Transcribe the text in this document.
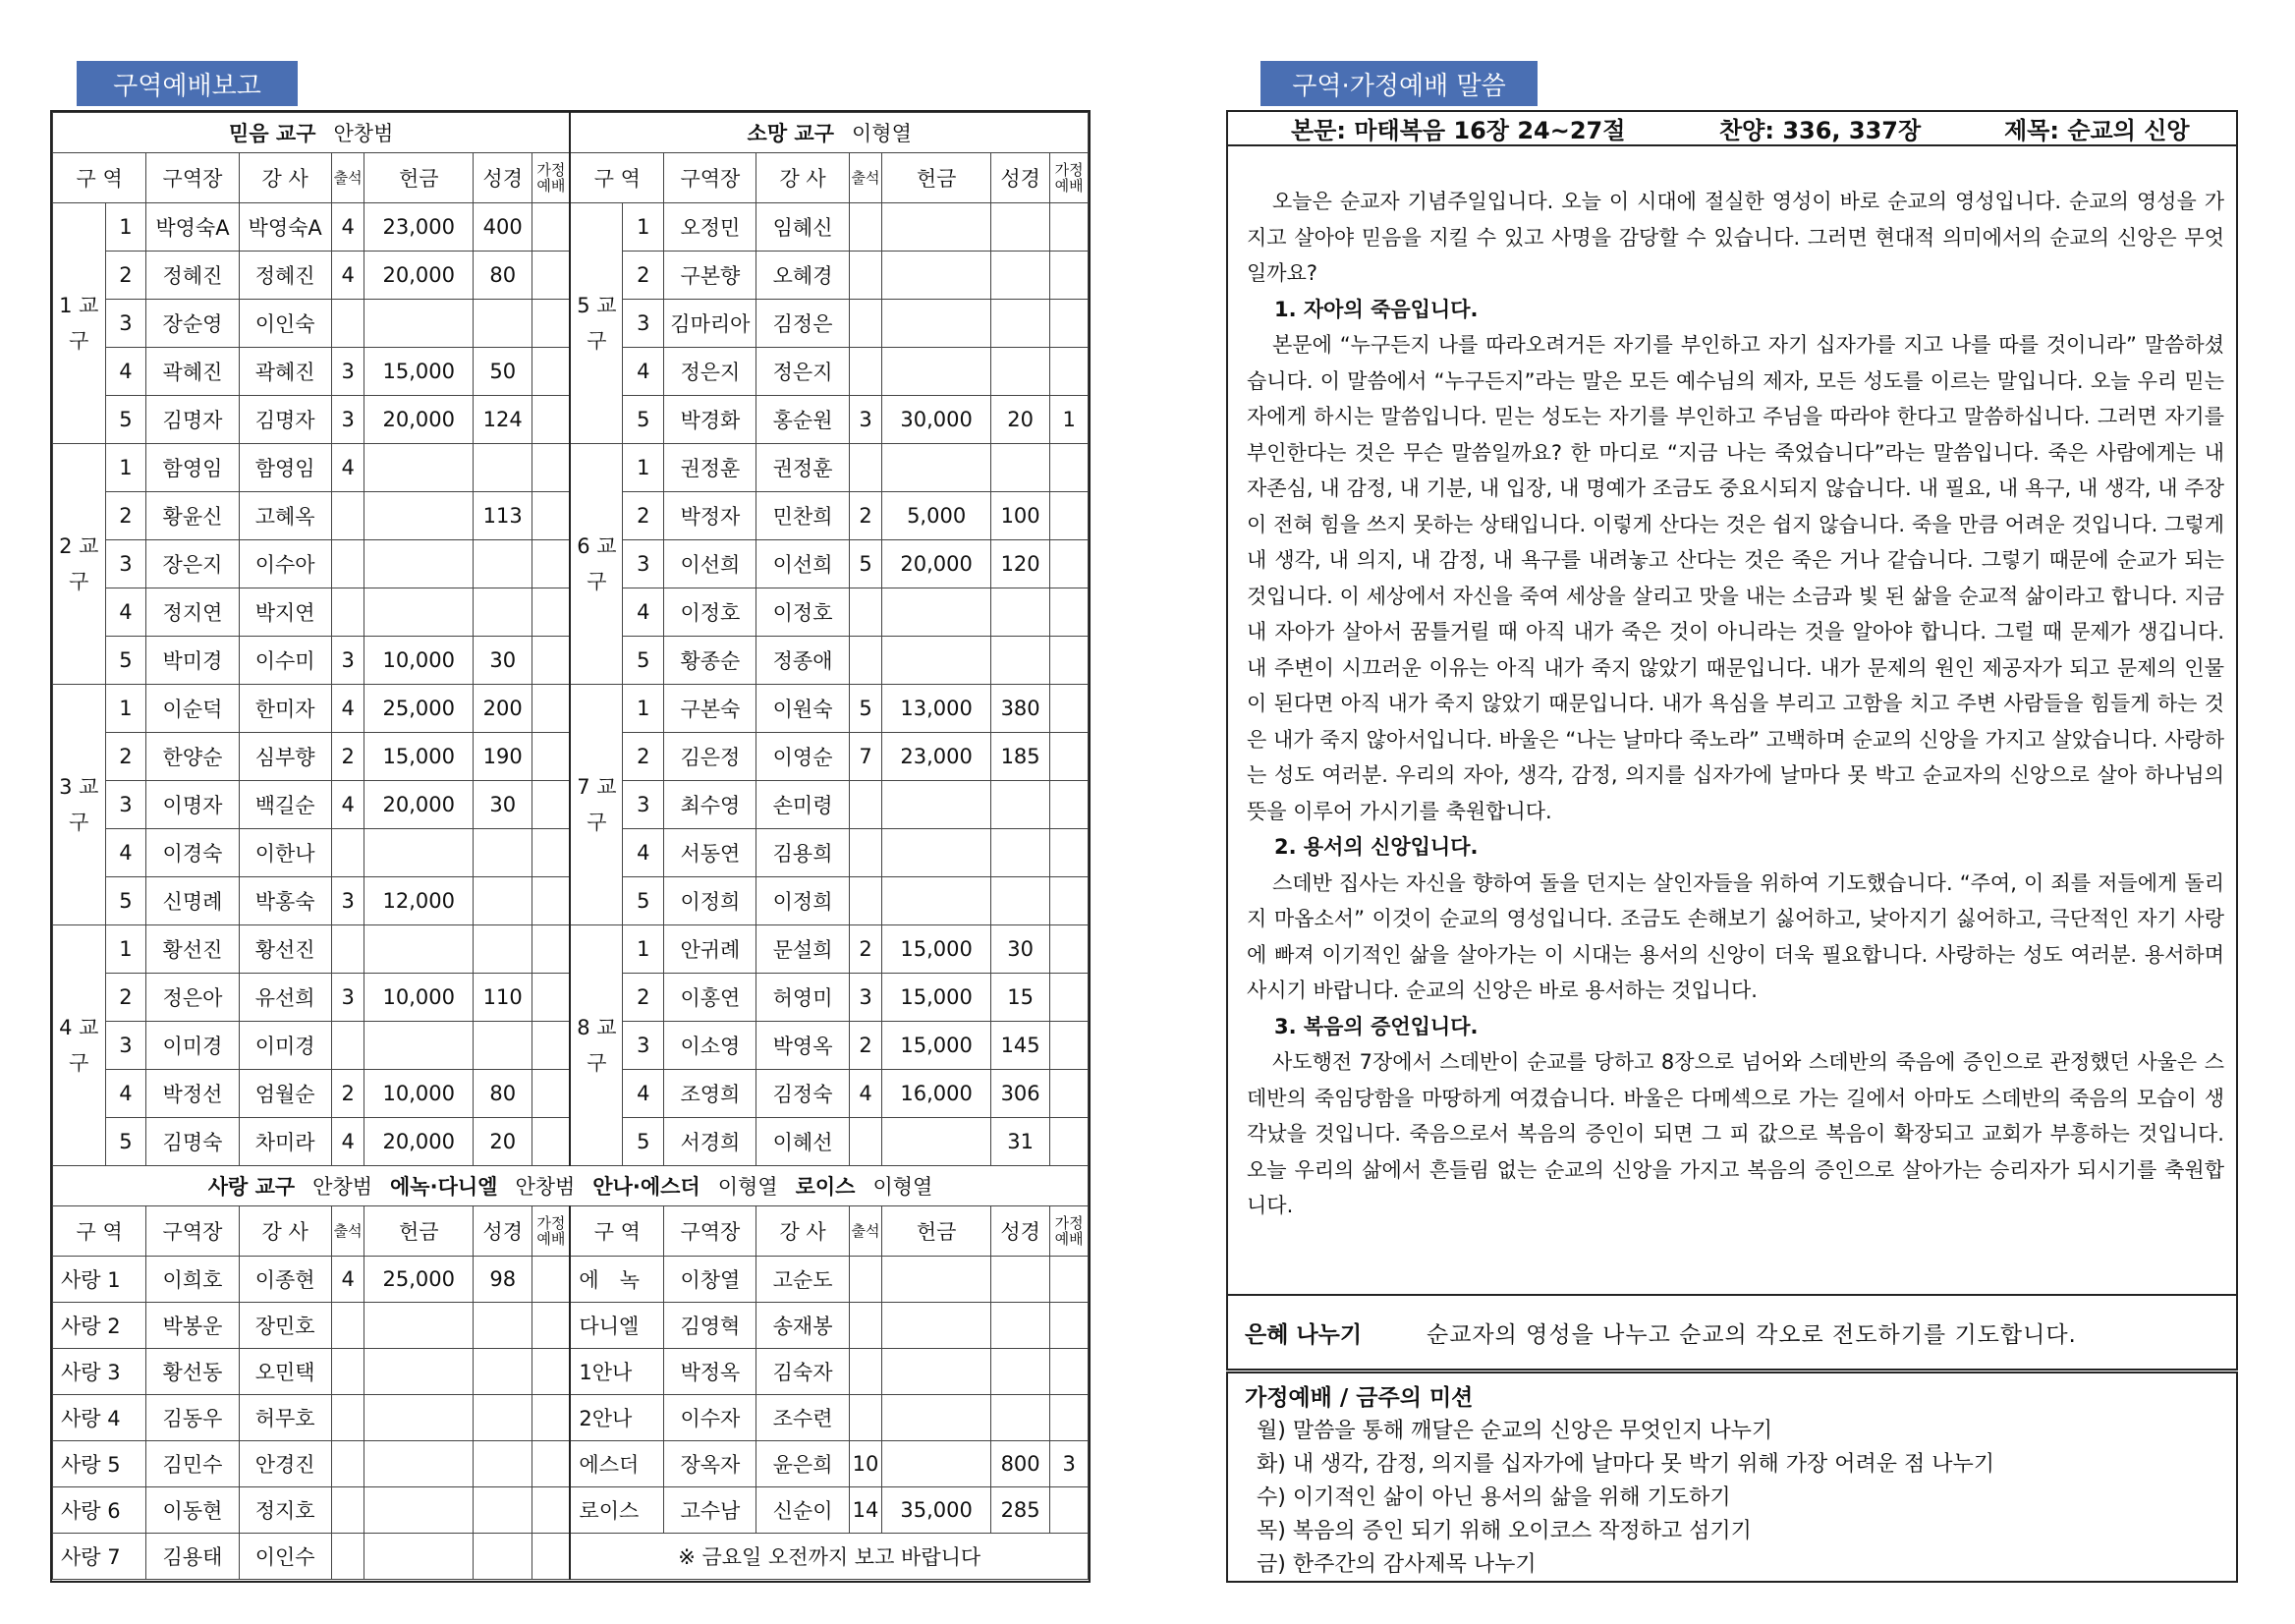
구역예배보고	구역·가정예배 말씀
믿음 교구 안창범								소망 교구 이형열							
구 역		구역장	강 사	출석	헌금	성경	가정예배	구 역		구역장	강 사	출석	헌금	성경	가정예배
1 교 구	1	박영숙A	박영숙A	4	23,000	400		5 교 구	1	오정민	임혜신				
	2	정혜진	정혜진	4	20,000	80			2	구본향	오혜경				
	3	장순영	이인숙						3	김마리아	김정은				
	4	곽혜진	곽혜진	3	15,000	50			4	정은지	정은지				
	5	김명자	김명자	3	20,000	124			5	박경화	홍순원	3	30,000	20	1
2 교 구	1	함영임	함영임	4				6 교 구	1	권정훈	권정훈				
	2	황윤신	고혜옥			113			2	박정자	민찬희	2	5,000	100	
	3	장은지	이수아						3	이선희	이선희	5	20,000	120	
	4	정지연	박지연						4	이정호	이정호				
	5	박미경	이수미	3	10,000	30			5	황종순	정종애				
3 교 구	1	이순덕	한미자	4	25,000	200		7 교 구	1	구본숙	이원숙	5	13,000	380	
	2	한양순	심부향	2	15,000	190			2	김은정	이영순	7	23,000	185	
	3	이명자	백길순	4	20,000	30			3	최수영	손미령				
	4	이경숙	이한나						4	서동연	김용희				
	5	신명례	박홍숙	3	12,000				5	이정희	이정희				
4 교 구	1	황선진	황선진					8 교 구	1	안귀례	문설희	2	15,000	30	
	2	정은아	유선희	3	10,000	110			2	이홍연	허영미	3	15,000	15	
	3	이미경	이미경						3	이소영	박영옥	2	15,000	145	
	4	박정선	엄월순	2	10,000	80			4	조영희	김정숙	4	16,000	306	
	5	김명숙	차미라	4	20,000	20			5	서경희	이혜선			31	
사랑 교구 안창범 에녹·다니엘 안창범 안나·에스더 이형열 로이스 이형열															
구 역		구역장	강 사	출석	헌금	성경	가정예배	구 역		구역장	강 사	출석	헌금	성경	가정예배
사랑 1		이희호	이종현	4	25,000	98		에　녹		이창열	고순도				
사랑 2		박봉운	장민호					다니엘		김영혁	송재봉				
사랑 3		황선동	오민택					1안나		박정옥	김숙자				
사랑 4		김동우	허무호					2안나		이수자	조수련				
사랑 5		김민수	안경진					에스더		장옥자	윤은희	10		800	3
사랑 6		이동현	정지호					로이스		고수남	신순이	14	35,000	285	
사랑 7		김용태	이인수					※ 금요일 오전까지 보고 바랍니다							
본문: 마태복음 16장 24~27절	찬양: 336, 337장	제목: 순교의 신앙

오늘은 순교자 기념주일입니다. 오늘 이 시대에 절실한 영성이 바로 순교의 영성입니다. 순교의 영성을 가지고 살아야 믿음을 지킬 수 있고 사명을 감당할 수 있습니다. 그러면 현대적 의미에서의 순교의 신앙은 무엇일까요?

1. 자아의 죽음입니다.

본문에 “누구든지 나를 따라오려거든 자기를 부인하고 자기 십자가를 지고 나를 따를 것이니라” 말씀하셨습니다. 이 말씀에서 “누구든지”라는 말은 모든 예수님의 제자, 모든 성도를 이르는 말입니다. 오늘 우리 믿는 자에게 하시는 말씀입니다. 믿는 성도는 자기를 부인하고 주님을 따라야 한다고 말씀하십니다. 그러면 자기를 부인한다는 것은 무슨 말씀일까요? 한 마디로 “지금 나는 죽었습니다”라는 말씀입니다. 죽은 사람에게는 내 자존심, 내 감정, 내 기분, 내 입장, 내 명예가 조금도 중요시되지 않습니다. 내 필요, 내 욕구, 내 생각, 내 주장이 전혀 힘을 쓰지 못하는 상태입니다. 이렇게 산다는 것은 쉽지 않습니다. 죽을 만큼 어려운 것입니다. 그렇게 내 생각, 내 의지, 내 감정, 내 욕구를 내려놓고 산다는 것은 죽은 거나 같습니다. 그렇기 때문에 순교가 되는 것입니다. 이 세상에서 자신을 죽여 세상을 살리고 맛을 내는 소금과 빛 된 삶을 순교적 삶이라고 합니다. 지금 내 자아가 살아서 꿈틀거릴 때 아직 내가 죽은 것이 아니라는 것을 알아야 합니다. 그럴 때 문제가 생깁니다. 내 주변이 시끄러운 이유는 아직 내가 죽지 않았기 때문입니다. 내가 문제의 원인 제공자가 되고 문제의 인물이 된다면 아직 내가 죽지 않았기 때문입니다. 내가 욕심을 부리고 고함을 치고 주변 사람들을 힘들게 하는 것은 내가 죽지 않아서입니다. 바울은 “나는 날마다 죽노라” 고백하며 순교의 신앙을 가지고 살았습니다. 사랑하는 성도 여러분. 우리의 자아, 생각, 감정, 의지를 십자가에 날마다 못 박고 순교자의 신앙으로 살아 하나님의 뜻을 이루어 가시기를 축원합니다.

2. 용서의 신앙입니다.

스데반 집사는 자신을 향하여 돌을 던지는 살인자들을 위하여 기도했습니다. “주여, 이 죄를 저들에게 돌리지 마옵소서” 이것이 순교의 영성입니다. 조금도 손해보기 싫어하고, 낮아지기 싫어하고, 극단적인 자기 사랑에 빠져 이기적인 삶을 살아가는 이 시대는 용서의 신앙이 더욱 필요합니다. 사랑하는 성도 여러분. 용서하며 사시기 바랍니다. 순교의 신앙은 바로 용서하는 것입니다.

3. 복음의 증언입니다.

사도행전 7장에서 스데반이 순교를 당하고 8장으로 넘어와 스데반의 죽음에 증인으로 관정했던 사울은 스데반의 죽임당함을 마땅하게 여겼습니다. 바울은 다메섹으로 가는 길에서 아마도 스데반의 죽음의 모습이 생각났을 것입니다. 죽음으로서 복음의 증인이 되면 그 피 값으로 복음이 확장되고 교회가 부흥하는 것입니다. 오늘 우리의 삶에서 흔들림 없는 순교의 신앙을 가지고 복음의 증인으로 살아가는 승리자가 되시기를 축원합니다.

은혜 나누기	순교자의 영성을 나누고 순교의 각오로 전도하기를 기도합니다.
가정예배 / 금주의 미션
월) 말씀을 통해 깨달은 순교의 신앙은 무엇인지 나누기
화) 내 생각, 감정, 의지를 십자가에 날마다 못 박기 위해 가장 어려운 점 나누기
수) 이기적인 삶이 아닌 용서의 삶을 위해 기도하기
목) 복음의 증인 되기 위해 오이코스 작정하고 섬기기
금) 한주간의 감사제목 나누기
